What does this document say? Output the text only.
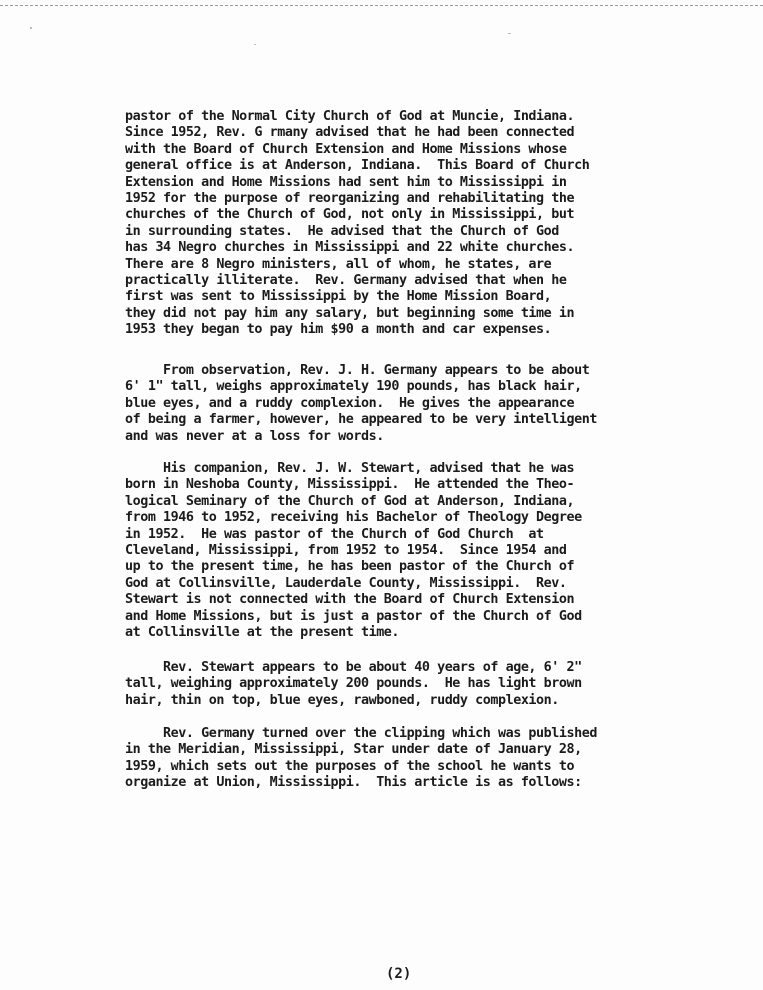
pastor of the Normal City Church of God at Muncie, Indiana.
Since 1952, Rev. G rmany advised that he had been connected
with the Board of Church Extension and Home Missions whose
general office is at Anderson, Indiana.  This Board of Church
Extension and Home Missions had sent him to Mississippi in
1952 for the purpose of reorganizing and rehabilitating the
churches of the Church of God, not only in Mississippi, but
in surrounding states.  He advised that the Church of God
has 34 Negro churches in Mississippi and 22 white churches.
There are 8 Negro ministers, all of whom, he states, are
practically illiterate.  Rev. Germany advised that when he
first was sent to Mississippi by the Home Mission Board,
they did not pay him any salary, but beginning some time in
1953 they began to pay him $90 a month and car expenses.

From observation, Rev. J. H. Germany appears to be about
6' 1" tall, weighs approximately 190 pounds, has black hair,
blue eyes, and a ruddy complexion.  He gives the appearance
of being a farmer, however, he appeared to be very intelligent
and was never at a loss for words.

His companion, Rev. J. W. Stewart, advised that he was
born in Neshoba County, Mississippi.  He attended the Theo-
logical Seminary of the Church of God at Anderson, Indiana,
from 1946 to 1952, receiving his Bachelor of Theology Degree
in 1952.  He was pastor of the Church of God Church  at
Cleveland, Mississippi, from 1952 to 1954.  Since 1954 and
up to the present time, he has been pastor of the Church of
God at Collinsville, Lauderdale County, Mississippi.  Rev.
Stewart is not connected with the Board of Church Extension
and Home Missions, but is just a pastor of the Church of God
at Collinsville at the present time.

Rev. Stewart appears to be about 40 years of age, 6' 2"
tall, weighing approximately 200 pounds.  He has light brown
hair, thin on top, blue eyes, rawboned, ruddy complexion.

Rev. Germany turned over the clipping which was published
in the Meridian, Mississippi, Star under date of January 28,
1959, which sets out the purposes of the school he wants to
organize at Union, Mississippi.  This article is as follows:

(2)
